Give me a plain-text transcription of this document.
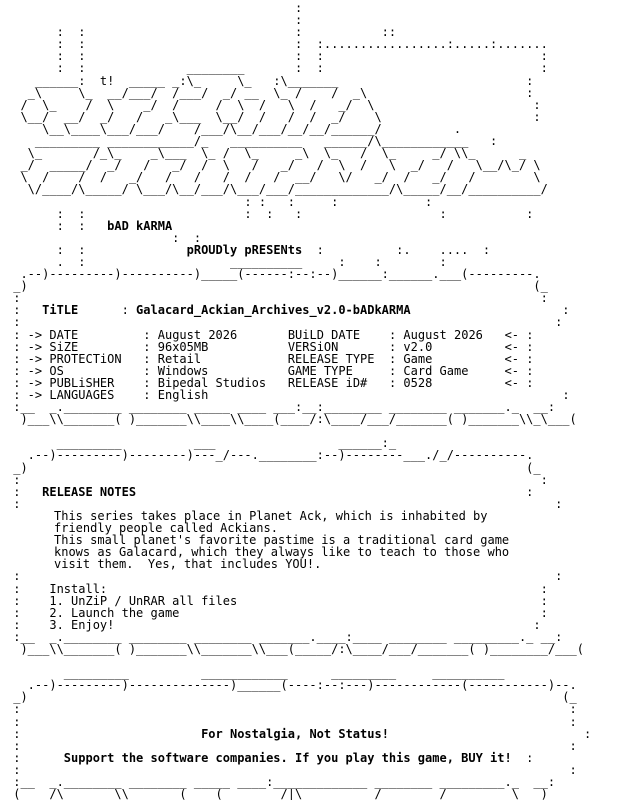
:
:
:  :                             :           ::
:  :                             :  :.................:.....:.......
:  :                             :  :                              :
:  :              ________       :  :                              :
______:  t!  _____ _:\_     \_   :\_______                          :
_\     \_  __/___/  /___/  _/ __  \_ /    /  _\                      :
/  \_    /  \    _/  /     /  \  /   \  /   _/  \                      :
\__/  __/  _/   /   _\___  \__/  /   /  /  _/    \                     :
\__\____\___/___/    /___/\__/___/__/__/______/          .
_________ ____________/_   __________   ______/\____________   :
\_       /_\_    _\___  \_ /  \_     _\  \_   /  \_     _/ \\_      _
_/  _____/  _/   /   _/  /  \   /   _/   /  \  /   \  _/   /   \__/\_/ \
\  /    /  /   _/   /   /   /  /   /  __/   \/   _/  /   _/   /        \
\/____/\_____/ \___/\__/___/\___/___/_____________/\_____/__/__________/
: :   :     :            :
:  :                      :  :   :                   :           :
:  :   bAD kARMA
:  :
:  :	pROUDly pRESENts  :          :.    ....  :
.  :                    __________     :    :        :
.--)---------)----------)_____(------:--:--)______:______.___(---------.
_)                                                                      (_
:                                                                        :
:   TiTLE      : Galacard_Ackian_Archives_v2.0-bADkARMA	:
:                                                                          :
: -> DATE         : August 2026	BUiLD DATE    : August 2026   <- :
: -> SiZE         : 96x05MB	VERSiON       : v2.0	<- :
: -> PROTECTiON   : Retail	RELEASE TYPE  : Game	<- :
: -> OS           : Windows	GAME TYPE     : Card Game	<- :
: -> PUBLiSHER    : Bipedal Studios RELEASE iD#   : 0528	<- :
: -> LANGUAGES    : English	:
:__  _.________ ________ _____ ____ ___:__:________ ________ _______._  __:
)___\\_______( )_______\\____\\____(____/:\____/___/_______( )_______\\_\___(

_________          ___                 ______:_
.--)---------)--------)---_/---.________:--)--------___./_/----------.
_)                                                                     (_
:                                                                        :
:   RELEASE NOTES	:
:                                                                          :
This series takes place in Planet Ack, which is inhabited by
friendly people called Ackians.
This small planet's favorite pastime is a traditional card game
knows as Galacard, which they always like to teach to those who
visit them.  Yes, that includes YOU!.
:                                                                          :
:    Install:	:
:    1. UnZiP / UnRAR all files	:
:    2. Launch the game	:
:    3. Enjoy!	:
:__  _.________ ________ ________ _______.____:____ ________ _________._ __:
)___\\_______( )_______\\_______\\___(_____/:\____/___/_______( )________/___(

_________          ____________      _________     __________
.--)---------)--------------)______(----:--:---)------------(-----------)--.
_)                                                                          (_
:                                                                            :
:                                                                            :
:	For Nostalgia, Not Status!	:
:                                                                            :
:	Support the software companies. If you play this game, BUY it!  :
:                                                                            :
:__  _.________ ________ _____ ____:_____________ ________ _________._  __:
(____/\_______\\_______(____(________/|\__________/________/_________\___)
